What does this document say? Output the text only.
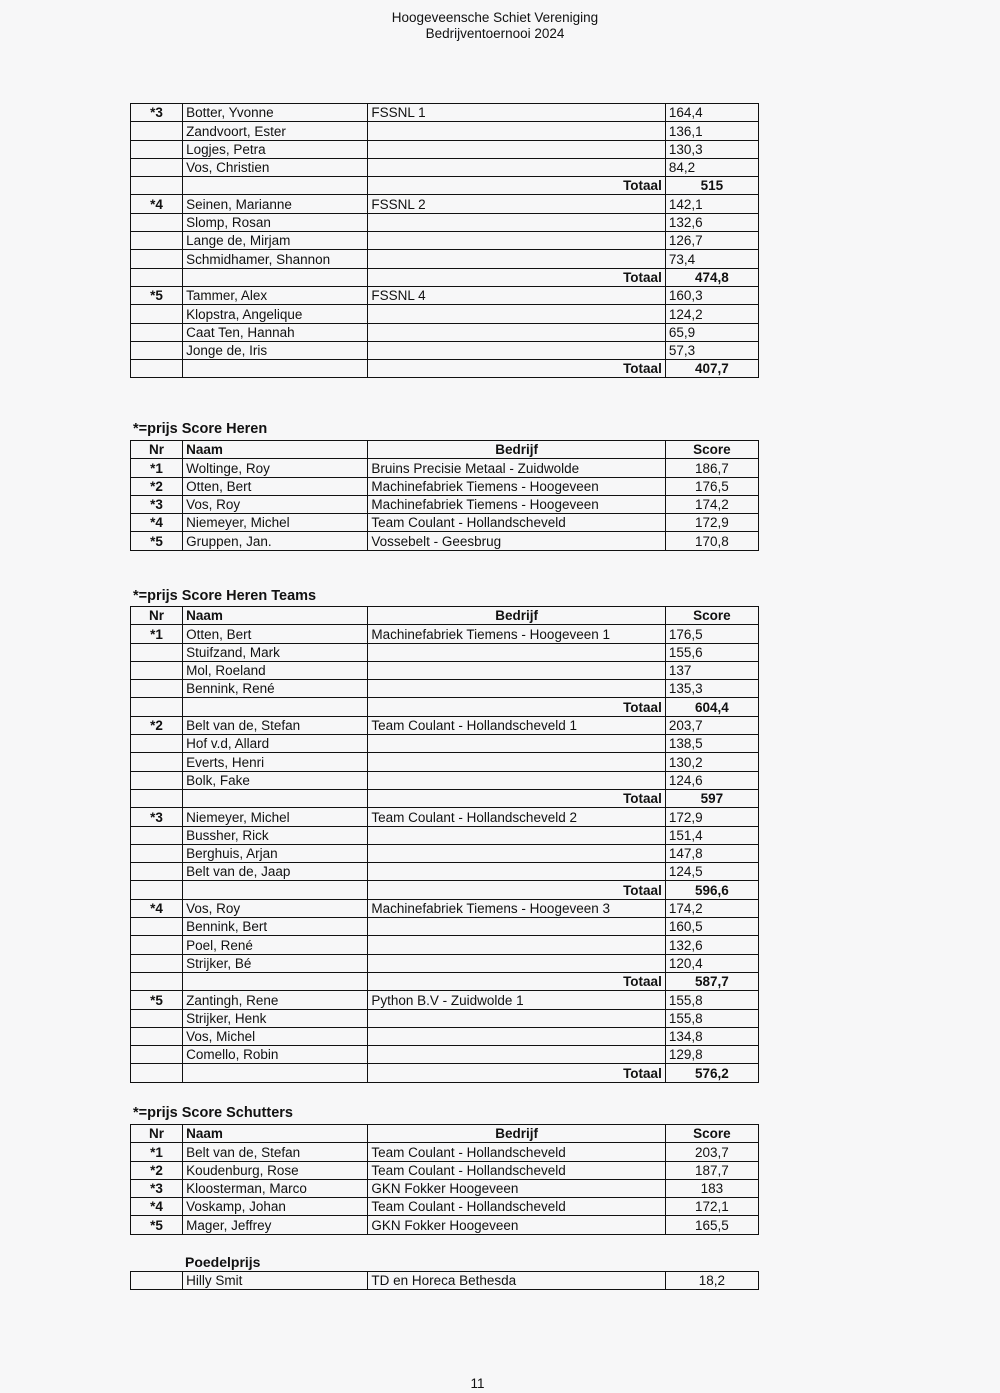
Hoogeveensche Schiet Vereniging
Bedrijventoernooi 2024
*3	Botter, Yvonne	FSSNL 1	164,4
	Zandvoort, Ester		136,1
	Logjes, Petra		130,3
	Vos, Christien		84,2
		Totaal	515
*4	Seinen, Marianne	FSSNL 2	142,1
	Slomp, Rosan		132,6
	Lange de, Mirjam		126,7
	Schmidhamer, Shannon		73,4
		Totaal	474,8
*5	Tammer, Alex	FSSNL 4	160,3
	Klopstra, Angelique		124,2
	Caat Ten, Hannah		65,9
	Jonge de, Iris		57,3
		Totaal	407,7
*=prijs Score Heren
Nr	Naam	Bedrijf	Score
*1	Woltinge, Roy	Bruins Precisie Metaal - Zuidwolde	186,7
*2	Otten, Bert	Machinefabriek Tiemens - Hoogeveen	176,5
*3	Vos, Roy	Machinefabriek Tiemens - Hoogeveen	174,2
*4	Niemeyer, Michel	Team Coulant - Hollandscheveld	172,9
*5	Gruppen, Jan.	Vossebelt - Geesbrug	170,8
*=prijs Score Heren Teams
Nr	Naam	Bedrijf	Score
*1	Otten, Bert	Machinefabriek Tiemens - Hoogeveen 1	176,5
	Stuifzand, Mark		155,6
	Mol, Roeland		137
	Bennink, René		135,3
		Totaal	604,4
*2	Belt van de, Stefan	Team Coulant - Hollandscheveld 1	203,7
	Hof v.d, Allard		138,5
	Everts, Henri		130,2
	Bolk, Fake		124,6
		Totaal	597
*3	Niemeyer, Michel	Team Coulant - Hollandscheveld 2	172,9
	Bussher, Rick		151,4
	Berghuis, Arjan		147,8
	Belt van de, Jaap		124,5
		Totaal	596,6
*4	Vos, Roy	Machinefabriek Tiemens - Hoogeveen 3	174,2
	Bennink, Bert		160,5
	Poel, René		132,6
	Strijker, Bé		120,4
		Totaal	587,7
*5	Zantingh, Rene	Python B.V - Zuidwolde 1	155,8
	Strijker, Henk		155,8
	Vos, Michel		134,8
	Comello, Robin		129,8
		Totaal	576,2
*=prijs Score Schutters
Nr	Naam	Bedrijf	Score
*1	Belt van de, Stefan	Team Coulant - Hollandscheveld	203,7
*2	Koudenburg, Rose	Team Coulant - Hollandscheveld	187,7
*3	Kloosterman, Marco	GKN Fokker Hoogeveen	183
*4	Voskamp, Johan	Team Coulant - Hollandscheveld	172,1
*5	Mager, Jeffrey	GKN Fokker Hoogeveen	165,5
Poedelprijs
	Hilly Smit	TD en Horeca Bethesda	18,2
11
